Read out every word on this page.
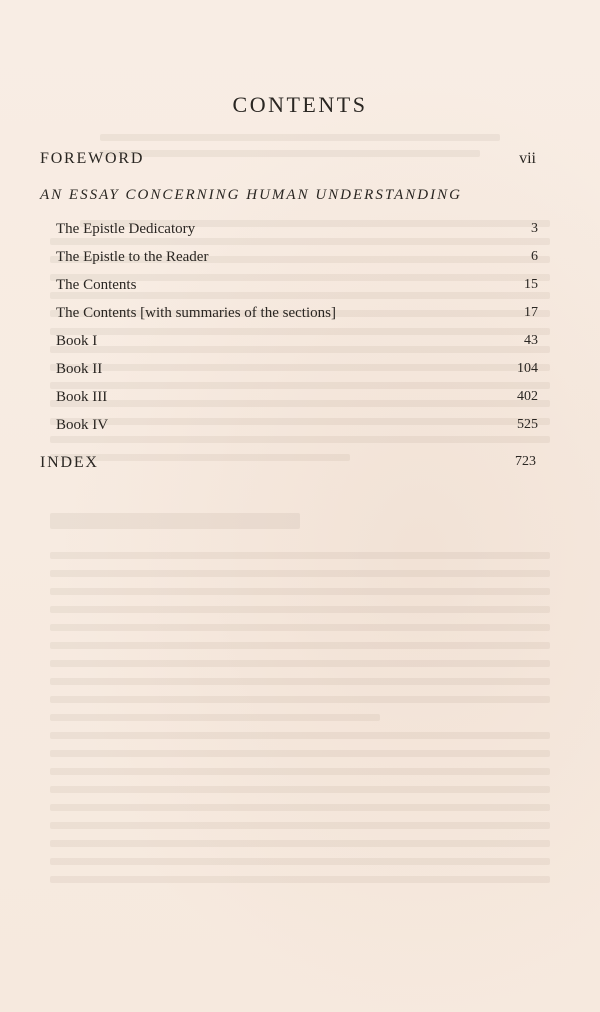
CONTENTS
FOREWORD	vii
AN ESSAY CONCERNING HUMAN UNDERSTANDING
The Epistle Dedicatory	3
The Epistle to the Reader	6
The Contents	15
The Contents [with summaries of the sections]	17
Book I	43
Book II	104
Book III	402
Book IV	525
INDEX	723
